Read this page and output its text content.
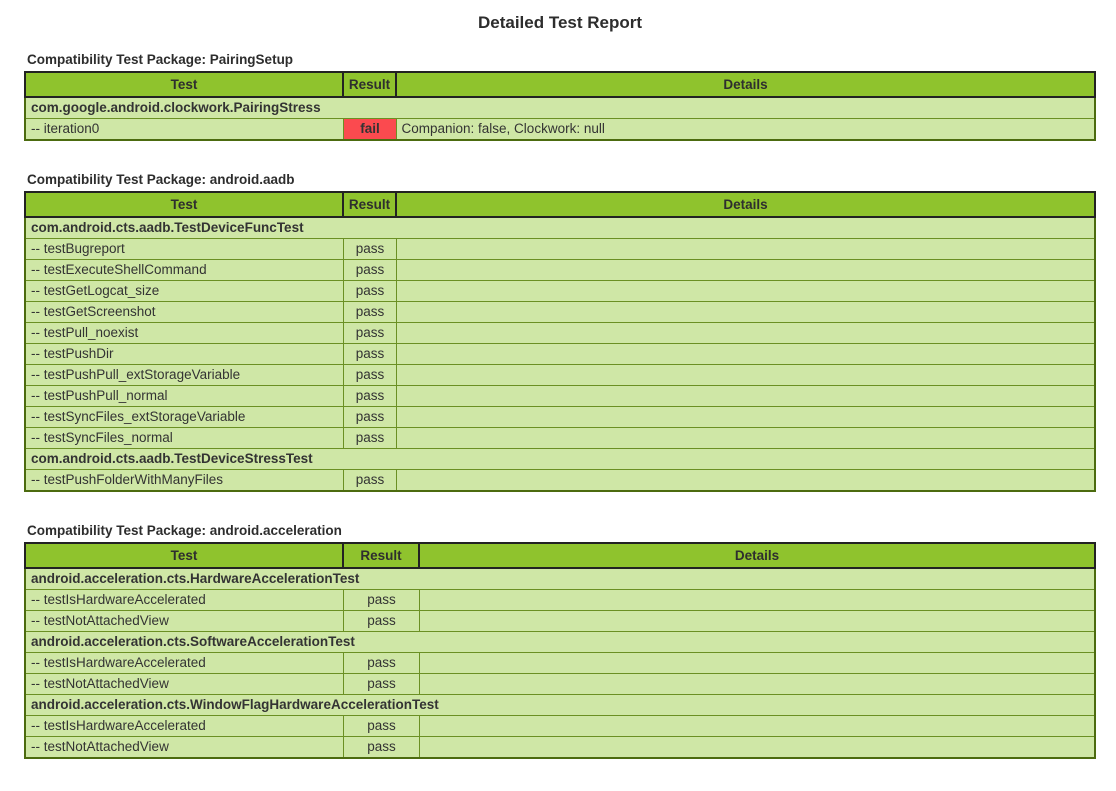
Detailed Test Report
Compatibility Test Package: PairingSetup
Test	Result	Details
com.google.android.clockwork.PairingStress		
-- iteration0	fail	Companion: false, Clockwork: null
Compatibility Test Package: android.aadb
Test	Result	Details
com.android.cts.aadb.TestDeviceFuncTest		
-- testBugreport	pass	
-- testExecuteShellCommand	pass	
-- testGetLogcat_size	pass	
-- testGetScreenshot	pass	
-- testPull_noexist	pass	
-- testPushDir	pass	
-- testPushPull_extStorageVariable	pass	
-- testPushPull_normal	pass	
-- testSyncFiles_extStorageVariable	pass	
-- testSyncFiles_normal	pass	
com.android.cts.aadb.TestDeviceStressTest		
-- testPushFolderWithManyFiles	pass	
Compatibility Test Package: android.acceleration
Test	Result	Details
android.acceleration.cts.HardwareAccelerationTest		
-- testIsHardwareAccelerated	pass	
-- testNotAttachedView	pass	
android.acceleration.cts.SoftwareAccelerationTest		
-- testIsHardwareAccelerated	pass	
-- testNotAttachedView	pass	
android.acceleration.cts.WindowFlagHardwareAccelerationTest		
-- testIsHardwareAccelerated	pass	
-- testNotAttachedView	pass	
